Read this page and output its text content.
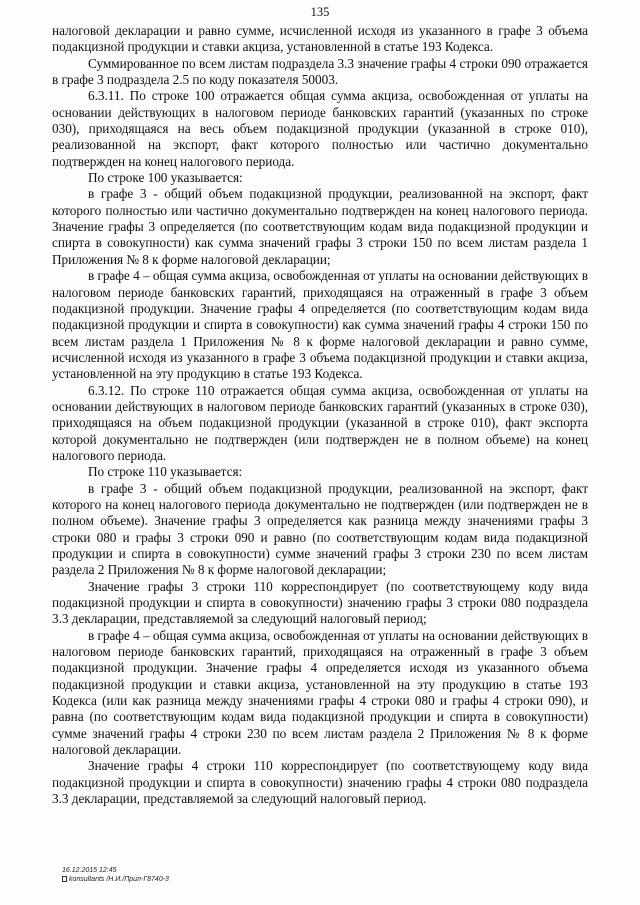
135

налоговой декларации и равно сумме, исчисленной исходя из указанного в графе 3 объема подакцизной продукции и ставки акциза, установленной в статье 193 Кодекса.

Суммированное по всем листам подраздела 3.3 значение графы 4 строки 090 отражается в графе 3 подраздела 2.5 по коду показателя 50003.

6.3.11. По строке 100 отражается общая сумма акциза, освобожденная от уплаты на основании действующих в налоговом периоде банковских гарантий (указанных по строке 030), приходящаяся на весь объем подакцизной продукции (указанной в строке 010), реализованной на экспорт, факт которого полностью или частично документально подтвержден на конец налогового периода.

По строке 100 указывается:

в графе 3 - общий объем подакцизной продукции, реализованной на экспорт, факт которого полностью или частично документально подтвержден на конец налогового периода. Значение графы 3 определяется (по соответствующим кодам вида подакцизной продукции и спирта в совокупности) как сумма значений графы 3 строки 150 по всем листам раздела 1 Приложения № 8 к форме налоговой декларации;

в графе 4 – общая сумма акциза, освобожденная от уплаты на основании действующих в налоговом периоде банковских гарантий, приходящаяся на отраженный в графе 3 объем подакцизной продукции. Значение графы 4 определяется (по соответствующим кодам вида подакцизной продукции и спирта в совокупности) как сумма значений графы 4 строки 150 по всем листам раздела 1 Приложения № 8 к форме налоговой декларации и равно сумме, исчисленной исходя из указанного в графе 3 объема подакцизной продукции и ставки акциза, установленной на эту продукцию в статье 193 Кодекса.

6.3.12. По строке 110 отражается общая сумма акциза, освобожденная от уплаты на основании действующих в налоговом периоде банковских гарантий (указанных в строке 030), приходящаяся на объем подакцизной продукции (указанной в строке 010), факт экспорта которой документально не подтвержден (или подтвержден не в полном объеме) на конец налогового периода.

По строке 110 указывается:

в графе 3 - общий объем подакцизной продукции, реализованной на экспорт, факт которого на конец налогового периода документально не подтвержден (или подтвержден не в полном объеме). Значение графы 3 определяется как разница между значениями графы 3 строки 080 и графы 3 строки 090 и равно (по соответствующим кодам вида подакцизной продукции и спирта в совокупности) сумме значений графы 3 строки 230 по всем листам раздела 2 Приложения № 8 к форме налоговой декларации;

Значение графы 3 строки 110 корреспондирует (по соответствующему коду вида подакцизной продукции и спирта в совокупности) значению графы 3 строки 080 подраздела 3.3 декларации, представляемой за следующий налоговый период;

в графе 4 – общая сумма акциза, освобожденная от уплаты на основании действующих в налоговом периоде банковских гарантий, приходящаяся на отраженный в графе 3 объем подакцизной продукции. Значение графы 4 определяется исходя из указанного объема подакцизной продукции и ставки акциза, установленной на эту продукцию в статье 193 Кодекса (или как разница между значениями графы 4 строки 080 и графы 4 строки 090), и равна (по соответствующим кодам вида подакцизной продукции и спирта в совокупности) сумме значений графы 4 строки 230 по всем листам раздела 2 Приложения № 8 к форме налоговой декларации.

Значение графы 4 строки 110 корреспондирует (по соответствующему коду вида подакцизной продукции и спирта в совокупности) значению графы 4 строки 080 подраздела 3.3 декларации, представляемой за следующий налоговый период.

16.12.2015 12:45
konsultants /Н.И./Прил-Г8740-3
